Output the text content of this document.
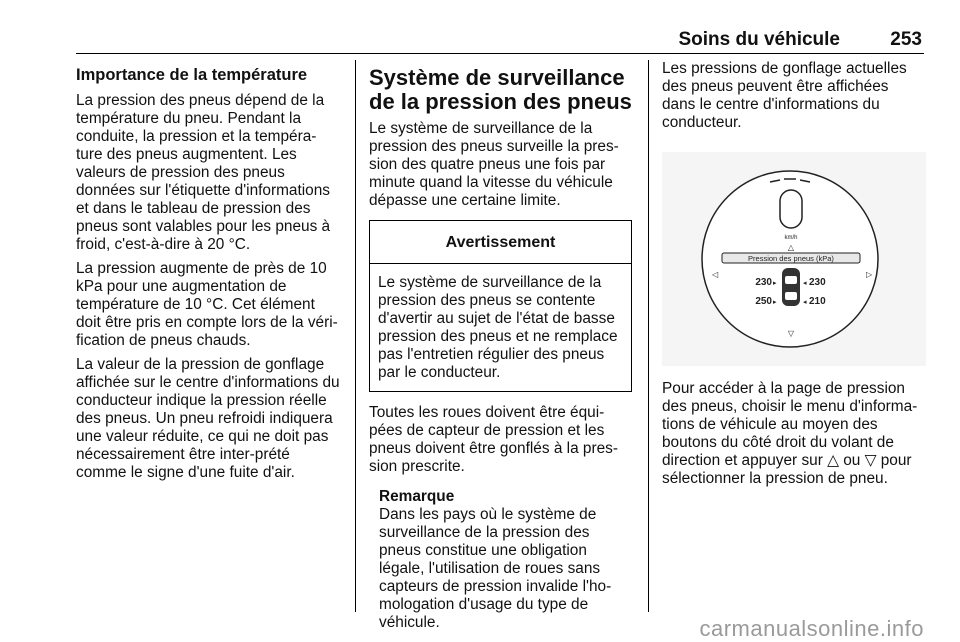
Soins du véhicule	253
Importance de la température

La pression des pneus dépend de la température du pneu. Pendant la conduite, la pression et la tempéra-ture des pneus augmentent. Les valeurs de pression des pneus données sur l'étiquette d'informations et dans le tableau de pression des pneus sont valables pour les pneus à froid, c'est-à-dire à 20 °C.

La pression augmente de près de 10 kPa pour une augmentation de température de 10 °C. Cet élément doit être pris en compte lors de la véri-fication de pneus chauds.

La valeur de la pression de gonflage affichée sur le centre d'informations du conducteur indique la pression réelle des pneus. Un pneu refroidi indiquera une valeur réduite, ce qui ne doit pas nécessairement être inter-prété comme le signe d'une fuite d'air.

Système de surveillance de la pression des pneus

Le système de surveillance de la pression des pneus surveille la pres-sion des quatre pneus une fois par minute quand la vitesse du véhicule dépasse une certaine limite.

Avertissement
Le système de surveillance de la pression des pneus se contente d'avertir au sujet de l'état de basse pression des pneus et ne remplace pas l'entretien régulier des pneus par le conducteur.

Toutes les roues doivent être équi-pées de capteur de pression et les pneus doivent être gonflés à la pres-sion prescrite.

Remarque
Dans les pays où le système de surveillance de la pression des pneus constitue une obligation légale, l'utilisation de roues sans capteurs de pression invalide l'ho-mologation d'usage du type de véhicule.

Les pressions de gonflage actuelles des pneus peuvent être affichées dans le centre d'informations du conducteur.

km/h
△
Pression des pneus (kPa)
◁	▷
230 ▸	230
◂
250 ▸	210
◂
▽

Pour accéder à la page de pression des pneus, choisir le menu d'informa-tions de véhicule au moyen des boutons du côté droit du volant de direction et appuyer sur △ ou ▽ pour sélectionner la pression de pneu.

carmanualsonline.info
